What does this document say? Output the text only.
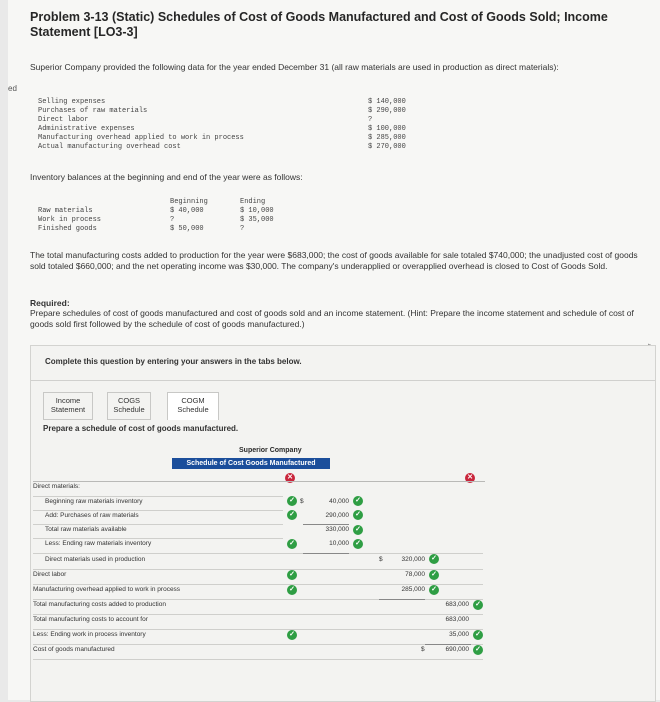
ed
Problem 3-13 (Static) Schedules of Cost of Goods Manufactured and Cost of Goods Sold; Income Statement [LO3-3]
Superior Company provided the following data for the year ended December 31 (all raw materials are used in production as direct materials):
Selling expenses	$ 140,000
Purchases of raw materials	$ 290,000
Direct labor	?
Administrative expenses	$ 100,000
Manufacturing overhead applied to work in process	$ 285,000
Actual manufacturing overhead cost	$ 270,000
Inventory balances at the beginning and end of the year were as follows:
Beginning	Ending
Raw materials	$ 40,000	$ 10,000
Work in process	?	$ 35,000
Finished goods	$ 50,000	?
The total manufacturing costs added to production for the year were $683,000; the cost of goods available for sale totaled $740,000; the unadjusted cost of goods sold totaled $660,000; and the net operating income was $30,000. The company's underapplied or overapplied overhead is closed to Cost of Goods Sold.
Required:
Prepare schedules of cost of goods manufactured and cost of goods sold and an income statement. (Hint: Prepare the income statement and schedule of cost of goods sold first followed by the schedule of cost of goods manufactured.)
Complete this question by entering your answers in the tabs below.
Income Statement
COGS Schedule
COGM Schedule
Prepare a schedule of cost of goods manufactured.
Superior Company
Schedule of Cost Goods Manufactured
✕	✕
Direct materials:
Beginning raw materials inventory	✓ $	40,000 ✓
Add: Purchases of raw materials	✓	290,000 ✓
Total raw materials available	330,000 ✓
Less: Ending raw materials inventory	✓	10,000 ✓
Direct materials used in production	$	320,000 ✓
Direct labor	✓	78,000 ✓
Manufacturing overhead applied to work in process	✓	285,000 ✓
Total manufacturing costs added to production	683,000 ✓
Total manufacturing costs to account for	683,000
Less: Ending work in process inventory	✓	35,000 ✓
Cost of goods manufactured	$	690,000 ✓
